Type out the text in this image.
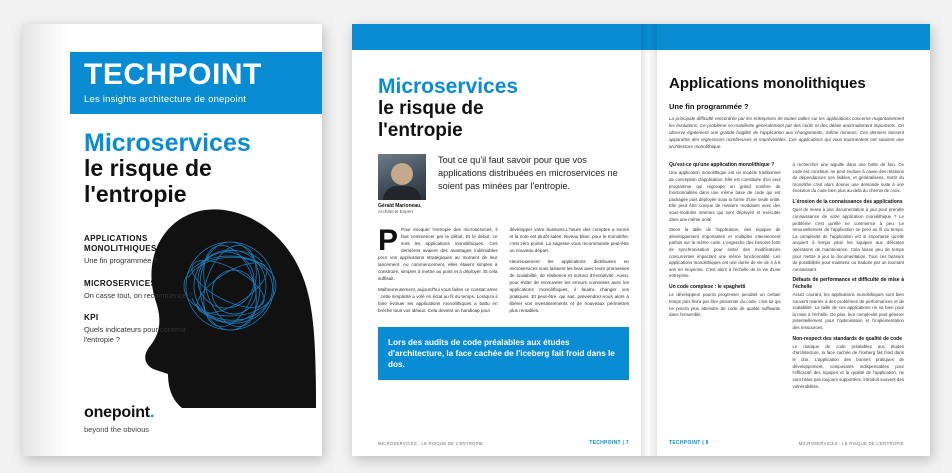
TECHPOINT
Les insights architecture de onepoint
Microservices
le risque de
l'entropie
APPLICATIONS MONOLITHIQUES
Une fin programmée ?
MICROSERVICES
On casse tout, on recommence ?
KPI
Quels indicateurs pour contenir l'entropie ?
onepoint.
beyond the obvious
Microservices
le risque de
l'entropie
Gérald Marioneau,
Architecte Expert
Tout ce qu'il faut savoir pour que vos applications distribuées en microservices ne soient pas minées par l'entropie.

P Pour évoquer l'entropie des microservices, il faut commencer par le début. Et le début, ce sont les applications monolithiques. Ces dernières avaient des avantages indéniables pour vos applications stratégiques au moment de leur lancement. Au commencement, elles étaient simples à construire, simples à mettre au point et à déployer. Et cela suffisait.

Malheureusement, aujourd'hui vous faites ce constat amer : cette simplicité a volé en éclat au fil du temps. Lorsqu'a il faire évoluer les applications monolithiques a battu en brèche tous vos idéaux. Cela devient un handicap pour

développer votre business.L'heure des comptes a sonné et la note est plutôt salée. Niveau bilan, pour le monolithe, c'est zéro pointé. La sagesse vous recommande peut-être un nouveau départ.

Heureusement les applications distribuées en microservices vous laissent les bras avec leurs promesses de scalabilité, de résilience et surtout d'évolutivité. Aussi, pour éviter de renouveler les erreurs commises avec les applications monolithiques, il faudra changer vos pratiques. Et peut-être, qui sait, parviendrez-vous alors à libérer vos investissements et de nouveaux périmètres plus rentables.

Lors des audits de code préalables aux études d'architecture, la face cachée de l'iceberg fait froid dans le dos.
MICROSERVICES : LE RISQUE DE L'ENTROPIE	TECHPOINT | 7
Applications monolithiques
Une fin programmée ?
La principale difficulté rencontrée par les entreprises de toutes tailles sur les applications concerne majoritairement les évolutions. Ce problème se manifeste généralement par des coûts et des délais anormalement importants. On observe également une grande fragilité de l'application aux changements, même mineurs. Ces derniers laissent apparaître des régressions nombreuses et imprévisibles. Ces applications qui vous tourmentent ont souvent une architecture monolithique.
Qu'est-ce qu'une application monolithique ?

Une application monolithique est un modèle traditionnel de conception d'application. Elle est constituée d'un seul programme qui regroupe un grand nombre de fonctionnalités dans une même base de code qui est packagée puis déployée sous la forme d'une seule unité. Elle peut être conçue de manière modulaire avec des sous-modules internes qui sont déployés et exécutés dans une même unité.

Selon la taille de l'application, des équipes de développement importantes et multiples interviennent parfois sur la même code. L'engendre des besoins forts de synchronisation pour éviter des modifications concurrentes impactant une même fonctionnalité. Les applications monolithiques ont une durée de vie de 4 à 6 ans en moyenne. C'est alors à l'échelle de la vie d'une entreprise.

Un code complexe : le spaghetti

Le développeur pourra progresser pendant un certain temps puis finira par être prisonnier du code, c'est lui qui ne pourra plus atteindre de code de qualité suffisante dans l'ensemble.

à rechercher une aiguille dans une botte de foin. Ce code est constitué, ne peut évoluer à cause des relations de dépendances non lisibles, et généralisées. Sortir du monolithe c'est alors donner une demande suite à une évolution du code bien plus au-delà du chemin de croix.

L'érosion de la connaissance des applications

Quel de mises à jour documentation à jour pour prendre connaissance de votre application monolithique ? Le problème c'est qu'elle ne commence à peu. Le renouvellement de l'application se perd au fil du temps. La complexité de l'application est si importante qu'elle acquiert à temps plein les équipes aux délicates opérations de maintenance. Cela laisse peu de temps pour mettre à jour la documentation. Tous ces facteurs de possibilités pour maintenir ou traduire par un tournant connaissant.

Défauts de performance et difficulté de mise à l'échelle

Assez courant, les applications monolithiques sont bien souvent mairies à des problèmes de performances et de scalabilité. La taille de ces applications ne va bien pour la mise à l'échelle. De plus, leur complexité peut générer potentiellement pour l'optimisation et l'implémentation des ressources.

Non-respect des standards de qualité de code

Le manque de code préalables aux études d'architecture, la face cachée de l'iceberg fait froid dans le dos. L'application des bonnes pratiques de développement, composants indispensables pour l'efficacité des équipes et la qualité de l'application, ne sont hélas pas toujours supportées, introduit souvent des vulnérabilités.

MICROSERVICES : LE RISQUE DE L'ENTROPIE
TECHPOINT | 8
